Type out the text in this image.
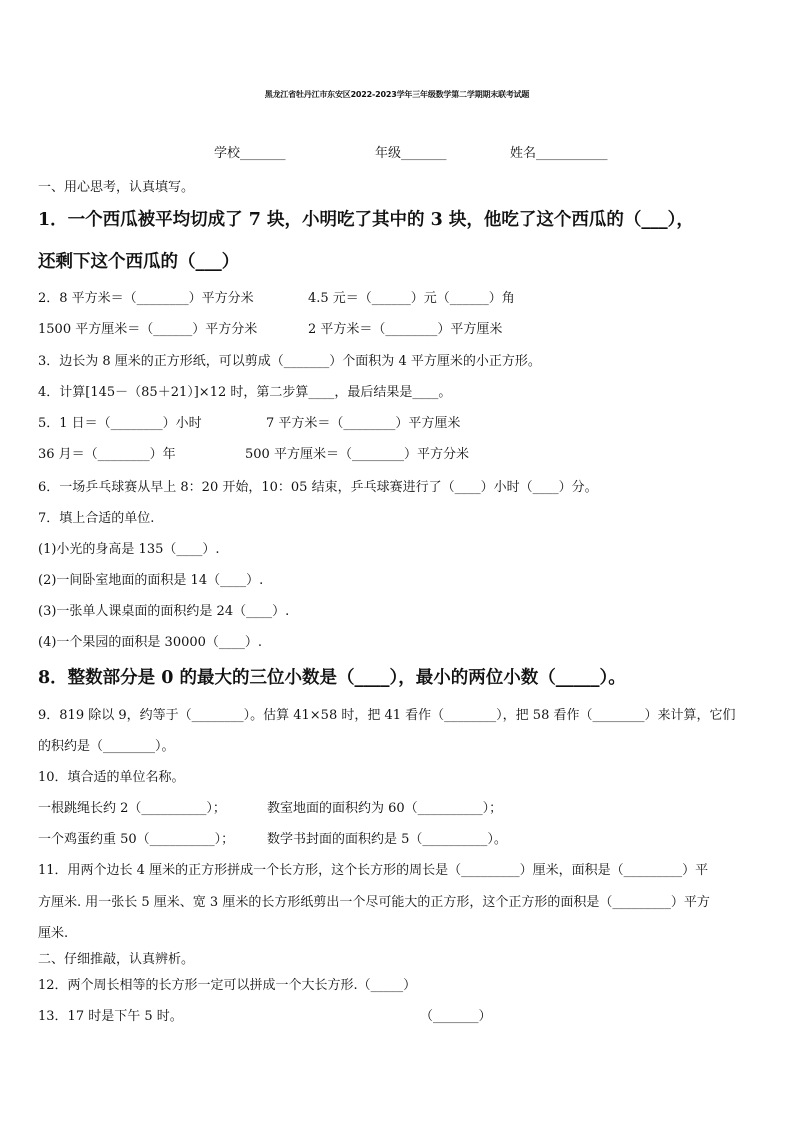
黑龙江省牡丹江市东安区2022-2023学年三年级数学第二学期期末联考试题
学校_______	年级_______	姓名___________
一、用心思考，认真填写。
1．一个西瓜被平均切成了 7 块，小明吃了其中的 3 块，他吃了这个西瓜的（___），
还剩下这个西瓜的（___）
2．8 平方米＝（________）平方分米	4.5 元＝（______）元（______）角
1500 平方厘米＝（______）平方分米	2 平方米＝（________）平方厘米
3．边长为 8 厘米的正方形纸，可以剪成（_______）个面积为 4 平方厘米的小正方形。
4．计算[145－（85＋21）]×12 时，第二步算____，最后结果是____。
5．1 日＝（________）小时	7 平方米＝（________）平方厘米
36 月＝（________）年	500 平方厘米＝（________）平方分米
6．一场乒乓球赛从早上 8：20 开始，10：05 结束，乒乓球赛进行了（____）小时（____）分。
7．填上合适的单位.
(1)小光的身高是 135（____）.
(2)一间卧室地面的面积是 14（____）.
(3)一张单人课桌面的面积约是 24（____）.
(4)一个果园的面积是 30000（____）.
8．整数部分是 0 的最大的三位小数是（____），最小的两位小数（_____）。
9．819 除以 9，约等于（________）。估算 41×58 时，把 41 看作（________），把 58 看作（________）来计算，它们
的积约是（________）。
10．填合适的单位名称。
一根跳绳长约 2（__________）；	教室地面的面积约为 60（__________）；
一个鸡蛋约重 50（__________）；	数学书封面的面积约是 5（__________）。
11．用两个边长 4 厘米的正方形拼成一个长方形，这个长方形的周长是（_________）厘米，面积是（_________）平
方厘米. 用一张长 5 厘米、宽 3 厘米的长方形纸剪出一个尽可能大的正方形，这个正方形的面积是（_________）平方
厘米.
二、仔细推敲，认真辨析。
12．两个周长相等的长方形一定可以拼成一个大长方形.（_____）
13．17 时是下午 5 时。	（_______）
